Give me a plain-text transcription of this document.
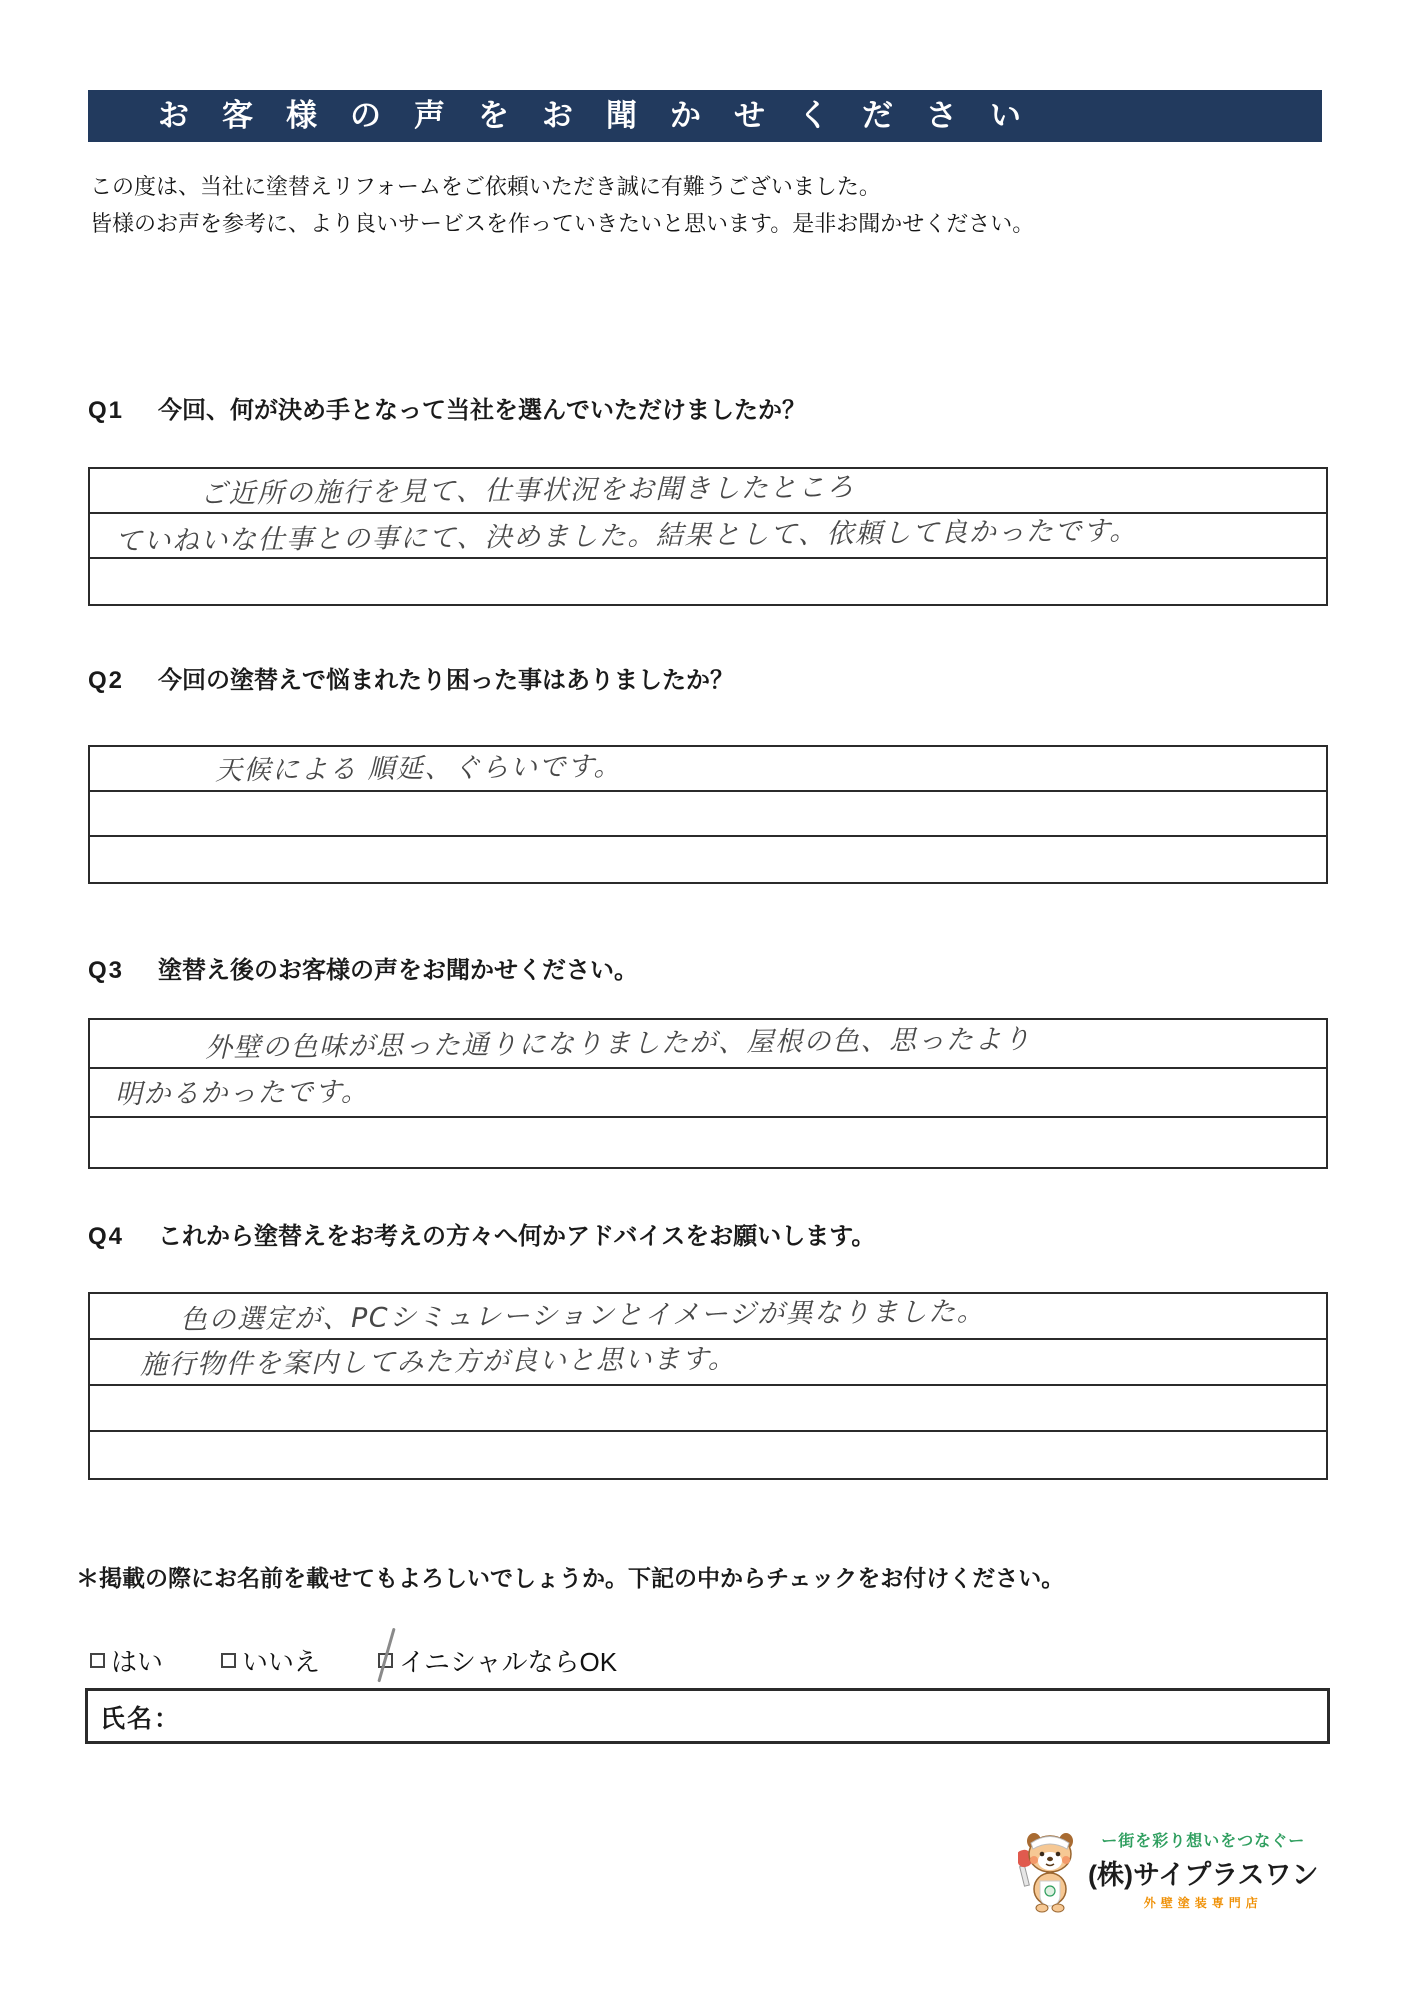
お客様の声をお聞かせください
この度は、当社に塗替えリフォームをご依頼いただき誠に有難うございました。
皆様のお声を参考に、より良いサービスを作っていきたいと思います。是非お聞かせください。
Q1 今回、何が決め手となって当社を選んでいただけましたか？
ご近所の施行を見て、仕事状況をお聞きしたところ
ていねいな仕事との事にて、決めました。結果として、依頼して良かったです。
Q2 今回の塗替えで悩まれたり困った事はありましたか？
天候による 順延、ぐらいです。
Q3 塗替え後のお客様の声をお聞かせください。
外壁の色味が思った通りになりましたが、屋根の色、思ったより
明かるかったです。
Q4 これから塗替えをお考えの方々へ何かアドバイスをお願いします。
色の選定が、PCシミュレーションとイメージが異なりました。
施行物件を案内してみた方が良いと思います。
＊掲載の際にお名前を載せてもよろしいでしょうか。下記の中からチェックをお付けください。
はい	いいえ	イニシャルならOK
氏名：
ー街を彩り想いをつなぐー
(株)サイプラスワン
外壁塗装専門店
